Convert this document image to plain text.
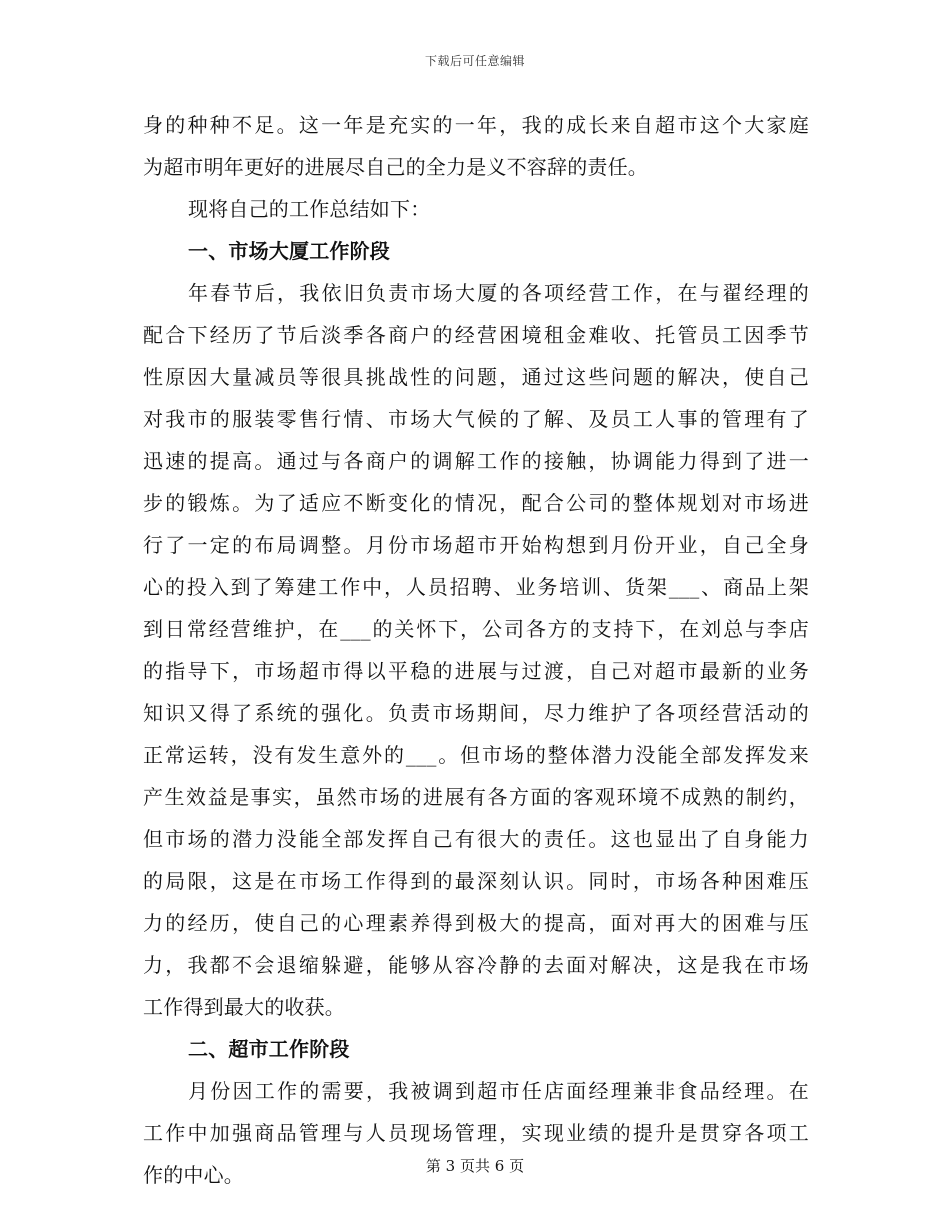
下载后可任意编辑
身的种种不足。这一年是充实的一年，我的成长来自超市这个大家庭
为超市明年更好的进展尽自己的全力是义不容辞的责任。
现将自己的工作总结如下：
一、市场大厦工作阶段
年春节后，我依旧负责市场大厦的各项经营工作，在与翟经理的
配合下经历了节后淡季各商户的经营困境租金难收、托管员工因季节
性原因大量减员等很具挑战性的问题，通过这些问题的解决，使自己
对我市的服装零售行情、市场大气候的了解、及员工人事的管理有了
迅速的提高。通过与各商户的调解工作的接触，协调能力得到了进一
步的锻炼。为了适应不断变化的情况，配合公司的整体规划对市场进
行了一定的布局调整。月份市场超市开始构想到月份开业，自己全身
心的投入到了筹建工作中，人员招聘、业务培训、货架___、商品上架
到日常经营维护，在___的关怀下，公司各方的支持下，在刘总与李店
的指导下，市场超市得以平稳的进展与过渡，自己对超市最新的业务
知识又得了系统的强化。负责市场期间，尽力维护了各项经营活动的
正常运转，没有发生意外的___。但市场的整体潜力没能全部发挥发来
产生效益是事实，虽然市场的进展有各方面的客观环境不成熟的制约，
但市场的潜力没能全部发挥自己有很大的责任。这也显出了自身能力
的局限，这是在市场工作得到的最深刻认识。同时，市场各种困难压
力的经历，使自己的心理素养得到极大的提高，面对再大的困难与压
力，我都不会退缩躲避，能够从容冷静的去面对解决，这是我在市场
工作得到最大的收获。
二、超市工作阶段
月份因工作的需要，我被调到超市任店面经理兼非食品经理。在
工作中加强商品管理与人员现场管理，实现业绩的提升是贯穿各项工
作的中心。	第 3 页共 6 页
